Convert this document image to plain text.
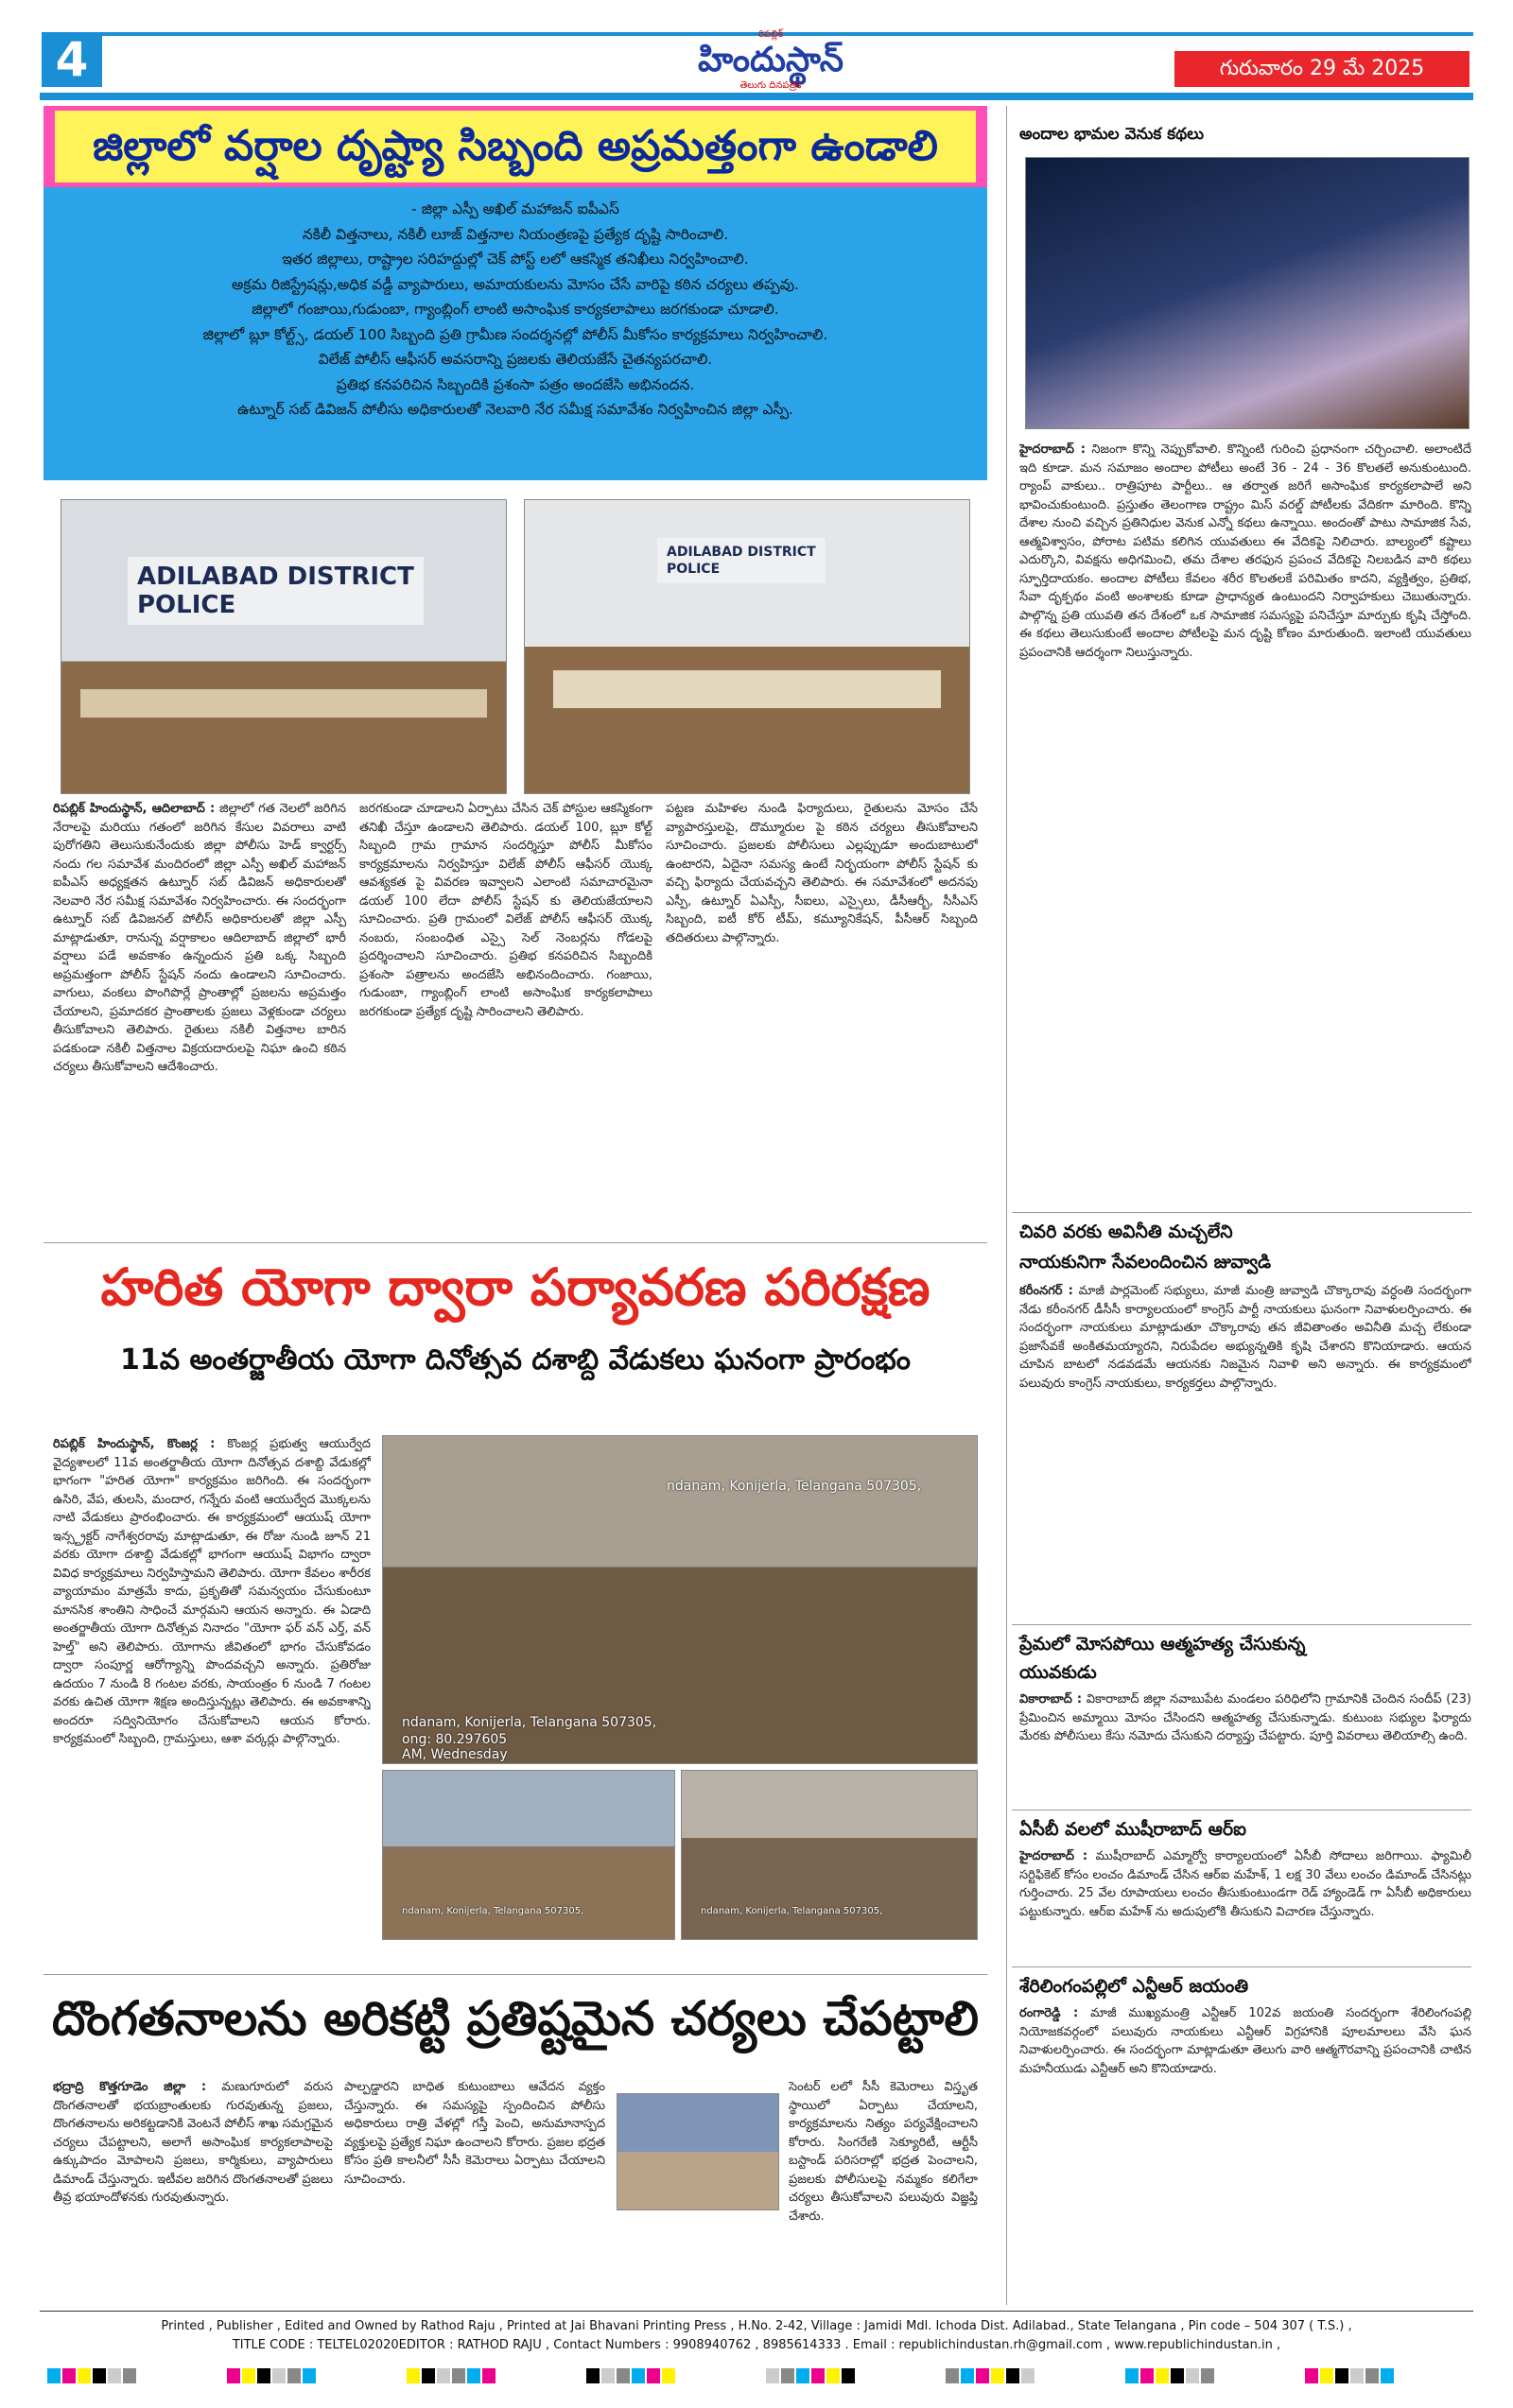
4	రిపబ్లిక్
హిందుస్థాన్
తెలుగు దినపత్రిక
గురువారం 29 మే 2025
జిల్లాలో వర్షాల దృష్ట్యా సిబ్బంది అప్రమత్తంగా ఉండాలి
- జిల్లా ఎస్పీ అఖిల్ మహాజన్ ఐపీఎస్
నకిలీ విత్తనాలు, నకిలీ లూజ్ విత్తనాల నియంత్రణపై ప్రత్యేక దృష్టి సారించాలి.
ఇతర జిల్లాలు, రాష్ట్రాల సరిహద్దుల్లో చెక్ పోస్ట్ లలో ఆకస్మిక తనిఖీలు నిర్వహించాలి.
అక్రమ రిజిస్ట్రేషన్లు,అధిక వడ్డీ వ్యాపారులు, అమాయకులను మోసం చేసే వారిపై కఠిన చర్యలు తప్పవు.
జిల్లాలో గంజాయి,గుడుంబా, గ్యాంబ్లింగ్ లాంటి అసాంఘిక కార్యకలాపాలు జరగకుండా చూడాలి.
జిల్లాలో బ్లూ కోల్ట్స్, డయల్ 100 సిబ్బంది ప్రతి గ్రామీణ సందర్శనల్లో పోలీస్ మీకోసం కార్యక్రమాలు నిర్వహించాలి.
విలేజ్ పోలీస్ ఆఫీసర్ అవసరాన్ని ప్రజలకు తెలియజేసే చైతన్యపరచాలి.
ప్రతిభ కనపరిచిన సిబ్బందికి ప్రశంసా పత్రం అందజేసి అభినందన.
ఉట్నూర్ సబ్ డివిజన్ పోలీసు అధికారులతో నెలవారి నేర సమీక్ష సమావేశం నిర్వహించిన జిల్లా ఎస్పీ.
ADILABAD DISTRICT
POLICE
ADILABAD DISTRICT
POLICE
రిపబ్లిక్ హిందుస్థాన్, ఆదిలాబాద్ : జిల్లాలో గత నెలలో జరిగిన నేరాలపై మరియు గతంలో జరిగిన కేసుల వివరాలు వాటి పురోగతిని తెలుసుకునేందుకు జిల్లా పోలీసు హెడ్ క్వార్టర్స్ నందు గల సమావేశ మందిరంలో జిల్లా ఎస్పీ అఖిల్ మహాజన్ ఐపీఎస్ అధ్యక్షతన ఉట్నూర్ సబ్ డివిజన్ అధికారులతో నెలవారి నేర సమీక్ష సమావేశం నిర్వహించారు. ఈ సందర్భంగా ఉట్నూర్ సబ్ డివిజనల్ పోలీస్ అధికారులతో జిల్లా ఎస్పీ మాట్లాడుతూ, రానున్న వర్షాకాలం ఆదిలాబాద్ జిల్లాలో భారీ వర్షాలు పడే అవకాశం ఉన్నందున ప్రతి ఒక్క సిబ్బంది అప్రమత్తంగా పోలీస్ స్టేషన్ నందు ఉండాలని సూచించారు. వాగులు, వంకలు పొంగిపొర్లే ప్రాంతాల్లో ప్రజలను అప్రమత్తం చేయాలని, ప్రమాదకర ప్రాంతాలకు ప్రజలు వెళ్లకుండా చర్యలు తీసుకోవాలని తెలిపారు. రైతులు నకిలీ విత్తనాల బారిన పడకుండా నకిలీ విత్తనాల విక్రయదారులపై నిఘా ఉంచి కఠిన చర్యలు తీసుకోవాలని ఆదేశించారు.
జరగకుండా చూడాలని ఏర్పాటు చేసిన చెక్ పోస్టుల ఆకస్మికంగా తనిఖీ చేస్తూ ఉండాలని తెలిపారు. డయల్ 100, బ్లూ కోల్ట్ సిబ్బంది గ్రామ గ్రామాన సందర్శిస్తూ పోలీస్ మీకోసం కార్యక్రమాలను నిర్వహిస్తూ విలేజ్ పోలీస్ ఆఫీసర్ యొక్క ఆవశ్యకత పై వివరణ ఇవ్వాలని ఎలాంటి సమాచారమైనా డయల్ 100 లేదా పోలీస్ స్టేషన్ కు తెలియజేయాలని సూచించారు. ప్రతి గ్రామంలో విలేజ్ పోలీస్ ఆఫీసర్ యొక్క నంబరు, సంబంధిత ఎస్సై సెల్ నెంబర్లను గోడలపై ప్రదర్శించాలని సూచించారు. ప్రతిభ కనపరిచిన సిబ్బందికి ప్రశంసా పత్రాలను అందజేసి అభినందించారు. గంజాయి, గుడుంబా, గ్యాంబ్లింగ్ లాంటి అసాంఘిక కార్యకలాపాలు జరగకుండా ప్రత్యేక దృష్టి సారించాలని తెలిపారు.
పట్టణ మహిళల నుండి ఫిర్యాదులు, రైతులను మోసం చేసే వ్యాపారస్తులపై, దొమ్మూరుల పై కఠిన చర్యలు తీసుకోవాలని సూచించారు. ప్రజలకు పోలీసులు ఎల్లప్పుడూ అందుబాటులో ఉంటారని, ఏదైనా సమస్య ఉంటే నిర్భయంగా పోలీస్ స్టేషన్ కు వచ్చి ఫిర్యాదు చేయవచ్చని తెలిపారు. ఈ సమావేశంలో అదనపు ఎస్పీ, ఉట్నూర్ ఏఎస్పీ, సీఐలు, ఎస్సైలు, డీసీఆర్బీ, సీసీఎస్ సిబ్బంది, ఐటీ కోర్ టీమ్, కమ్యూనికేషన్, పీసీఆర్ సిబ్బంది తదితరులు పాల్గొన్నారు.
హరిత యోగా ద్వారా పర్యావరణ పరిరక్షణ
11వ అంతర్జాతీయ యోగా దినోత్సవ దశాబ్ది వేడుకలు ఘనంగా ప్రారంభం
రిపబ్లిక్ హిందుస్థాన్, కొంజర్ల : కొంజర్ల ప్రభుత్వ ఆయుర్వేద వైద్యశాలలో 11వ అంతర్జాతీయ యోగా దినోత్సవ దశాబ్ది వేడుకల్లో భాగంగా "హరిత యోగా" కార్యక్రమం జరిగింది. ఈ సందర్భంగా ఉసిరి, వేప, తులసి, మందార, గన్నేరు వంటి ఆయుర్వేద మొక్కలను నాటి వేడుకలు ప్రారంభించారు. ఈ కార్యక్రమంలో ఆయుష్ యోగా ఇన్స్ట్రక్టర్ నాగేశ్వరరావు మాట్లాడుతూ, ఈ రోజు నుండి జూన్ 21 వరకు యోగా దశాబ్ది వేడుకల్లో భాగంగా ఆయుష్ విభాగం ద్వారా వివిధ కార్యక్రమాలు నిర్వహిస్తామని తెలిపారు. యోగా కేవలం శారీరక వ్యాయామం మాత్రమే కాదు, ప్రకృతితో సమన్వయం చేసుకుంటూ మానసిక శాంతిని సాధించే మార్గమని ఆయన అన్నారు. ఈ ఏడాది అంతర్జాతీయ యోగా దినోత్సవ నినాదం "యోగా ఫర్ వన్ ఎర్త్, వన్ హెల్త్" అని తెలిపారు. యోగాను జీవితంలో భాగం చేసుకోవడం ద్వారా సంపూర్ణ ఆరోగ్యాన్ని పొందవచ్చని అన్నారు. ప్రతిరోజు ఉదయం 7 నుండి 8 గంటల వరకు, సాయంత్రం 6 నుండి 7 గంటల వరకు ఉచిత యోగా శిక్షణ అందిస్తున్నట్లు తెలిపారు. ఈ అవకాశాన్ని అందరూ సద్వినియోగం చేసుకోవాలని ఆయన కోరారు. కార్యక్రమంలో సిబ్బంది, గ్రామస్తులు, ఆశా వర్కర్లు పాల్గొన్నారు.
ndanam, Konijerla, Telangana 507305,
ndanam, Konijerla, Telangana 507305,
ong: 80.297605
AM, Wednesday
ndanam, Konijerla, Telangana 507305,	ndanam, Konijerla, Telangana 507305,
దొంగతనాలను అరికట్టి ప్రతిష్టమైన చర్యలు చేపట్టాలి
భద్రాద్రి కొత్తగూడెం జిల్లా : మణుగూరులో వరుస దొంగతనాలతో భయబ్రాంతులకు గురవుతున్న ప్రజలు, దొంగతనాలను అరికట్టడానికి వెంటనే పోలీస్ శాఖ సమగ్రమైన చర్యలు చేపట్టాలని, అలాగే అసాంఘిక కార్యకలాపాలపై ఉక్కుపాదం మోపాలని ప్రజలు, కార్మికులు, వ్యాపారులు డిమాండ్ చేస్తున్నారు. ఇటీవల జరిగిన దొంగతనాలతో ప్రజలు తీవ్ర భయాందోళనకు గురవుతున్నారు.
పాల్పడ్డారని బాధిత కుటుంబాలు ఆవేదన వ్యక్తం చేస్తున్నారు. ఈ సమస్యపై స్పందించిన పోలీసు అధికారులు రాత్రి వేళల్లో గస్తీ పెంచి, అనుమానాస్పద వ్యక్తులపై ప్రత్యేక నిఘా ఉంచాలని కోరారు. ప్రజల భద్రత కోసం ప్రతి కాలనీలో సీసీ కెమెరాలు ఏర్పాటు చేయాలని సూచించారు.
సెంటర్ లలో సీసీ కెమెరాలు విస్తృత స్థాయిలో ఏర్పాటు చేయాలని, కార్యక్రమాలను నిత్యం పర్యవేక్షించాలని కోరారు. సింగరేణి సెక్యూరిటీ, ఆర్టీసీ బస్టాండ్ పరిసరాల్లో భద్రత పెంచాలని, ప్రజలకు పోలీసులపై నమ్మకం కలిగేలా చర్యలు తీసుకోవాలని పలువురు విజ్ఞప్తి చేశారు.
అందాల భామల వెనుక కథలు
హైదరాబాద్ : నిజంగా కొన్ని నెప్పుకోవాలి. కొన్నింటి గురించి ప్రధానంగా చర్చించాలి. అలాంటిదే ఇది కూడా. మన సమాజం అందాల పోటీలు అంటే 36 - 24 - 36 కొలతలే అనుకుంటుంది. ర్యాంప్ వాకులు.. రాత్రిపూట పార్టీలు.. ఆ తర్వాత జరిగే అసాంఘిక కార్యకలాపాలే అని భావించుకుంటుంది. ప్రస్తుతం తెలంగాణ రాష్ట్రం మిస్ వరల్డ్ పోటీలకు వేదికగా మారింది. కొన్ని దేశాల నుంచి వచ్చిన ప్రతినిధుల వెనుక ఎన్నో కథలు ఉన్నాయి. అందంతో పాటు సామాజిక సేవ, ఆత్మవిశ్వాసం, పోరాట పటిమ కలిగిన యువతులు ఈ వేదికపై నిలిచారు. బాల్యంలో కష్టాలు ఎదుర్కొని, వివక్షను అధిగమించి, తమ దేశాల తరఫున ప్రపంచ వేదికపై నిలబడిన వారి కథలు స్ఫూర్తిదాయకం. అందాల పోటీలు కేవలం శరీర కొలతలకే పరిమితం కాదని, వ్యక్తిత్వం, ప్రతిభ, సేవా దృక్పథం వంటి అంశాలకు కూడా ప్రాధాన్యత ఉంటుందని నిర్వాహకులు చెబుతున్నారు. పాల్గొన్న ప్రతి యువతి తన దేశంలో ఒక సామాజిక సమస్యపై పనిచేస్తూ మార్పుకు కృషి చేస్తోంది. ఈ కథలు తెలుసుకుంటే అందాల పోటీలపై మన దృష్టి కోణం మారుతుంది. ఇలాంటి యువతులు ప్రపంచానికి ఆదర్శంగా నిలుస్తున్నారు.
చివరి వరకు అవినీతి మచ్చలేని
నాయకునిగా సేవలందించిన జువ్వాడి
కరీంనగర్ : మాజీ పార్లమెంట్ సభ్యులు, మాజీ మంత్రి జువ్వాడి చొక్కారావు వర్ధంతి సందర్భంగా నేడు కరీంనగర్ డీసీసీ కార్యాలయంలో కాంగ్రెస్ పార్టీ నాయకులు ఘనంగా నివాళులర్పించారు. ఈ సందర్భంగా నాయకులు మాట్లాడుతూ చొక్కారావు తన జీవితాంతం అవినీతి మచ్చ లేకుండా ప్రజాసేవకే అంకితమయ్యారని, నిరుపేదల అభ్యున్నతికి కృషి చేశారని కొనియాడారు. ఆయన చూపిన బాటలో నడవడమే ఆయనకు నిజమైన నివాళి అని అన్నారు. ఈ కార్యక్రమంలో పలువురు కాంగ్రెస్ నాయకులు, కార్యకర్తలు పాల్గొన్నారు.
ప్రేమలో మోసపోయి ఆత్మహత్య చేసుకున్న
యువకుడు
వికారాబాద్ : వికారాబాద్ జిల్లా నవాబుపేట మండలం పరిధిలోని గ్రామానికి చెందిన సందీప్ (23) ప్రేమించిన అమ్మాయి మోసం చేసిందని ఆత్మహత్య చేసుకున్నాడు. కుటుంబ సభ్యుల ఫిర్యాదు మేరకు పోలీసులు కేసు నమోదు చేసుకుని దర్యాప్తు చేపట్టారు. పూర్తి వివరాలు తెలియాల్సి ఉంది.
ఏసీబీ వలలో ముషీరాబాద్ ఆర్ఐ
హైదరాబాద్ : ముషీరాబాద్ ఎమ్మార్వో కార్యాలయంలో ఏసీబీ సోదాలు జరిగాయి. ఫ్యామిలీ సర్టిఫికెట్ కోసం లంచం డిమాండ్ చేసిన ఆర్ఐ మహేశ్, 1 లక్ష 30 వేలు లంచం డిమాండ్ చేసినట్లు గుర్తించారు. 25 వేల రూపాయలు లంచం తీసుకుంటుండగా రెడ్ హ్యాండెడ్ గా ఏసీబీ అధికారులు పట్టుకున్నారు. ఆర్ఐ మహేశ్ ను అదుపులోకి తీసుకుని విచారణ చేస్తున్నారు.
శేరిలింగంపల్లిలో ఎన్టీఆర్ జయంతి
రంగారెడ్డి : మాజీ ముఖ్యమంత్రి ఎన్టీఆర్ 102వ జయంతి సందర్భంగా శేరిలింగంపల్లి నియోజకవర్గంలో పలువురు నాయకులు ఎన్టీఆర్ విగ్రహానికి పూలమాలలు వేసి ఘన నివాళులర్పించారు. ఈ సందర్భంగా మాట్లాడుతూ తెలుగు వారి ఆత్మగౌరవాన్ని ప్రపంచానికి చాటిన మహనీయుడు ఎన్టీఆర్ అని కొనియాడారు.
Printed , Publisher , Edited and Owned by Rathod Raju , Printed at Jai Bhavani Printing Press , H.No. 2-42, Village : Jamidi Mdl. Ichoda Dist. Adilabad., State Telangana , Pin code – 504 307 ( T.S.) ,
TITLE CODE : TELTEL02020EDITOR : RATHOD RAJU , Contact Numbers : 9908940762 , 8985614333 . Email : republichindustan.rh@gmail.com , www.republichindustan.in ,
